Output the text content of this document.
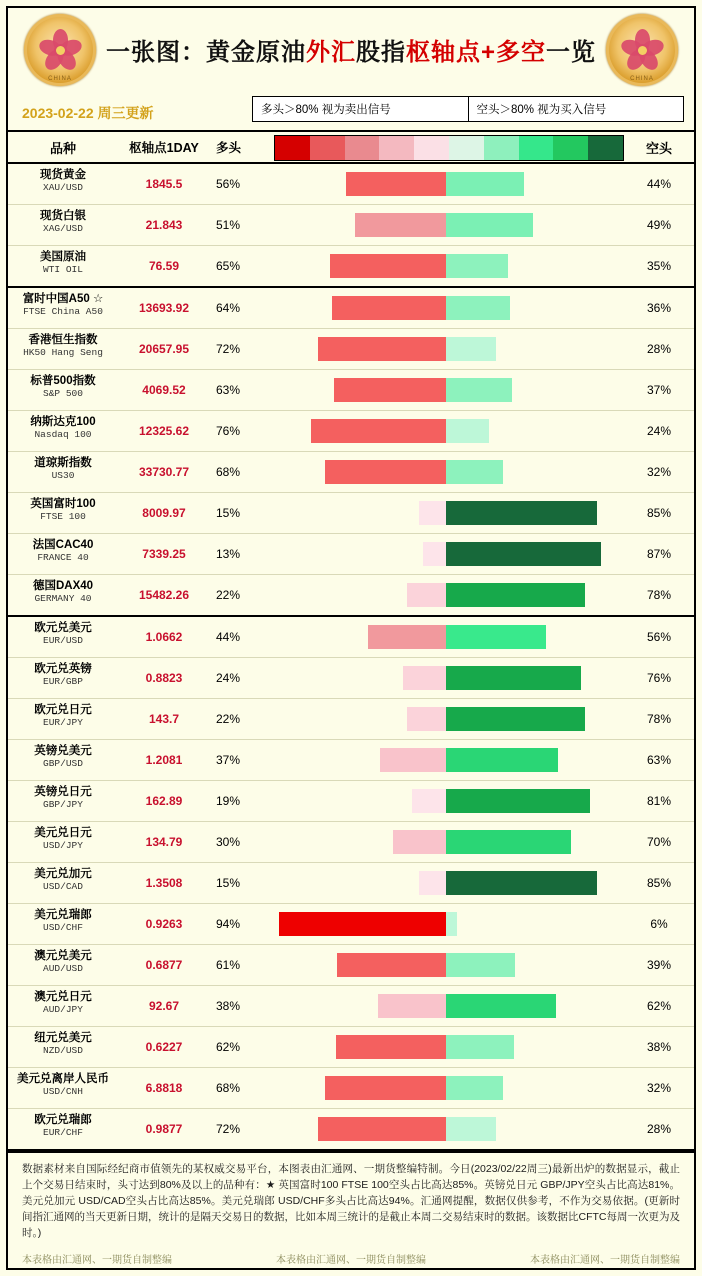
CHINA	CHINA
一张图：黄金原油外汇股指枢轴点+多空一览
2023-02-22 周三更新	多头＞80% 视为卖出信号	空头＞80% 视为买入信号
品种	枢轴点1DAY	多头	空头
现货黄金
XAU/USD	1845.5	56%	44%
现货白银
XAG/USD	21.843	51%	49%
美国原油
WTI OIL	76.59	65%	35%
富时中国A50 ☆
FTSE China A50	13693.92	64%	36%
香港恒生指数
HK50 Hang Seng	20657.95	72%	28%
标普500指数
S&P 500	4069.52	63%	37%
纳斯达克100
Nasdaq 100	12325.62	76%	24%
道琼斯指数
US30	33730.77	68%	32%
英国富时100
FTSE 100	8009.97	15%	85%
法国CAC40
FRANCE 40	7339.25	13%	87%
德国DAX40
GERMANY 40	15482.26	22%	78%
欧元兑美元
EUR/USD	1.0662	44%	56%
欧元兑英镑
EUR/GBP	0.8823	24%	76%
欧元兑日元
EUR/JPY	143.7	22%	78%
英镑兑美元
GBP/USD	1.2081	37%	63%
英镑兑日元
GBP/JPY	162.89	19%	81%
美元兑日元
USD/JPY	134.79	30%	70%
美元兑加元
USD/CAD	1.3508	15%	85%
美元兑瑞郎
USD/CHF	0.9263	94%	6%
澳元兑美元
AUD/USD	0.6877	61%	39%
澳元兑日元
AUD/JPY	92.67	38%	62%
纽元兑美元
NZD/USD	0.6227	62%	38%
美元兑离岸人民币
USD/CNH	6.8818	68%	32%
欧元兑瑞郎
EUR/CHF	0.9877	72%	28%
数据素材来自国际经纪商市值领先的某权威交易平台，本图表由汇通网、一期货整编特制。今日(2023/02/22周三)最新出炉的数据显示，截止上个交易日结束时，头寸达到80%及以上的品种有：★ 英国富时100 FTSE 100空头占比高达85%。英镑兑日元 GBP/JPY空头占比高达81%。美元兑加元 USD/CAD空头占比高达85%。美元兑瑞郎 USD/CHF多头占比高达94%。汇通网提醒，数据仅供参考，不作为交易依据。(更新时间指汇通网的当天更新日期，统计的是隔天交易日的数据，比如本周三统计的是截止本周二交易结束时的数据。该数据比CFTC每周一次更为及时。)
本表格由汇通网、一期货自制整编	本表格由汇通网、一期货自制整编	本表格由汇通网、一期货自制整编
